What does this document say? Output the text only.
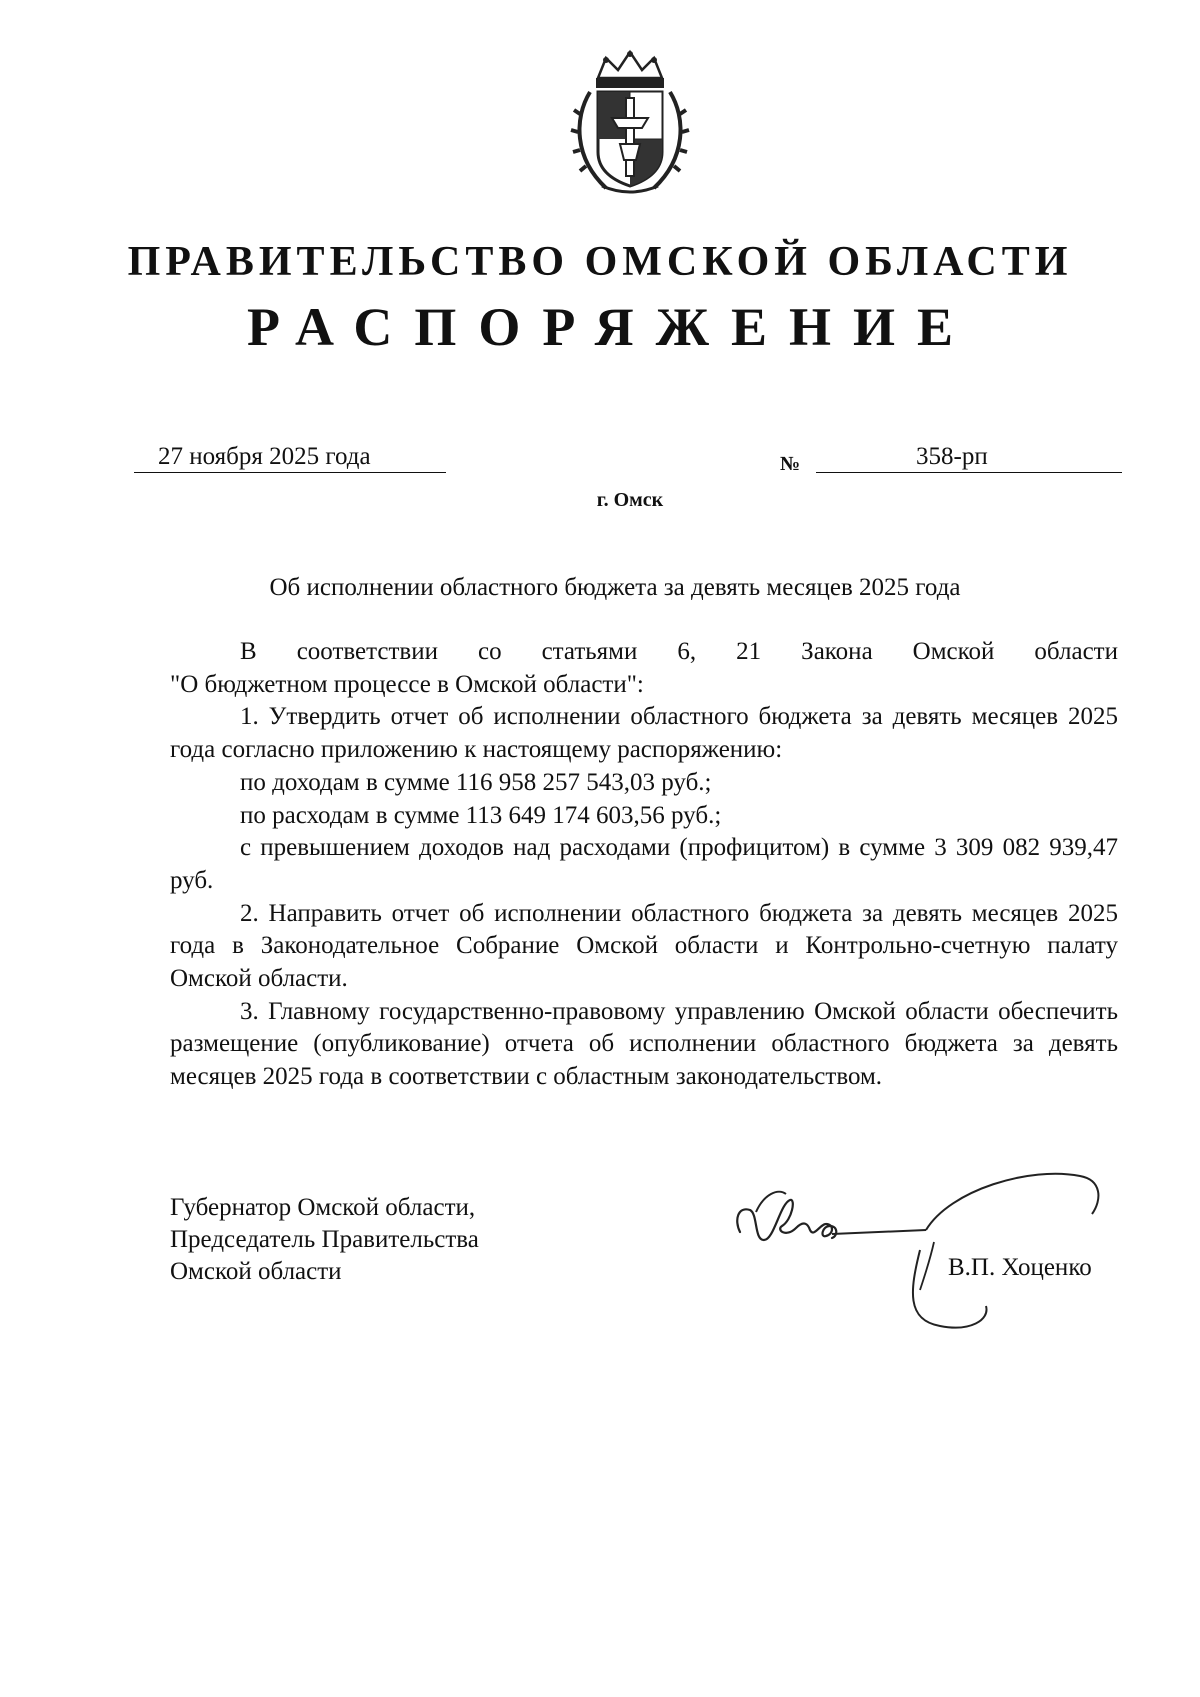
ПРАВИТЕЛЬСТВО ОМСКОЙ ОБЛАСТИ
РАСПОРЯЖЕНИЕ
27 ноября 2025 года	№	358-рп
г. Омск
Об исполнении областного бюджета за девять месяцев 2025 года

В соответствии со статьями 6, 21 Закона Омской области

"О бюджетном процессе в Омской области":

1. Утвердить отчет об исполнении областного бюджета за девять месяцев 2025 года согласно приложению к настоящему распоряжению:

по доходам в сумме 116 958 257 543,03 руб.;

по расходам в сумме 113 649 174 603,56 руб.;

с превышением доходов над расходами (профицитом) в сумме 3 309 082 939,47 руб.

2. Направить отчет об исполнении областного бюджета за девять месяцев 2025 года в Законодательное Собрание Омской области и Контрольно-счетную палату Омской области.

3. Главному государственно-правовому управлению Омской области обеспечить размещение (опубликование) отчета об исполнении областного бюджета за девять месяцев 2025 года в соответствии с областным законодательством.

Губернатор Омской области,
Председатель Правительства
Омской области	В.П. Хоценко
